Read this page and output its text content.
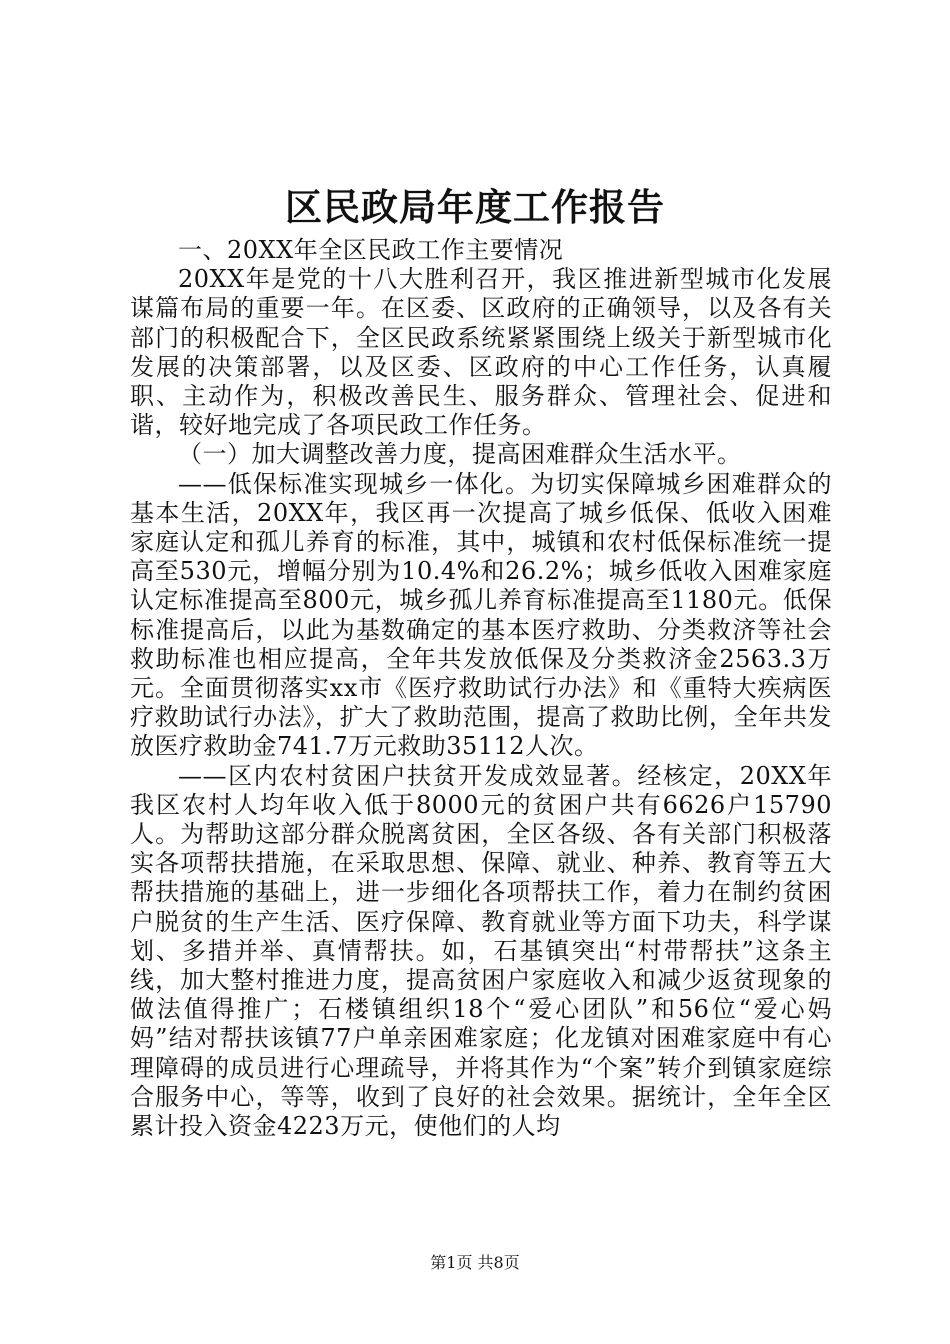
区民政局年度工作报告

一、20XX年全区民政工作主要情况

20XX年是党的十八大胜利召开，我区推进新型城市化发展谋篇布局的重要一年。在区委、区政府的正确领导，以及各有关部门的积极配合下，全区民政系统紧紧围绕上级关于新型城市化发展的决策部署，以及区委、区政府的中心工作任务，认真履职、主动作为，积极改善民生、服务群众、管理社会、促进和谐，较好地完成了各项民政工作任务。

（一）加大调整改善力度，提高困难群众生活水平。

——低保标准实现城乡一体化。为切实保障城乡困难群众的基本生活，20XX年，我区再一次提高了城乡低保、低收入困难家庭认定和孤儿养育的标准，其中，城镇和农村低保标准统一提高至530元，增幅分别为10.4%和26.2%；城乡低收入困难家庭认定标准提高至800元，城乡孤儿养育标准提高至1180元。低保标准提高后，以此为基数确定的基本医疗救助、分类救济等社会救助标准也相应提高，全年共发放低保及分类救济金2563.3万元。全面贯彻落实xx市《医疗救助试行办法》和《重特大疾病医疗救助试行办法》，扩大了救助范围，提高了救助比例，全年共发放医疗救助金741.7万元救助35112人次。

——区内农村贫困户扶贫开发成效显著。经核定，20XX年我区农村人均年收入低于8000元的贫困户共有6626户15790人。为帮助这部分群众脱离贫困，全区各级、各有关部门积极落实各项帮扶措施，在采取思想、保障、就业、种养、教育等五大帮扶措施的基础上，进一步细化各项帮扶工作，着力在制约贫困户脱贫的生产生活、医疗保障、教育就业等方面下功夫，科学谋划、多措并举、真情帮扶。如，石基镇突出“村带帮扶”这条主线，加大整村推进力度，提高贫困户家庭收入和减少返贫现象的做法值得推广；石楼镇组织18个“爱心团队”和56位“爱心妈妈”结对帮扶该镇77户单亲困难家庭；化龙镇对困难家庭中有心理障碍的成员进行心理疏导，并将其作为“个案”转介到镇家庭综合服务中心，等等，收到了良好的社会效果。据统计，全年全区累计投入资金4223万元，使他们的人均

第1页 共8页
